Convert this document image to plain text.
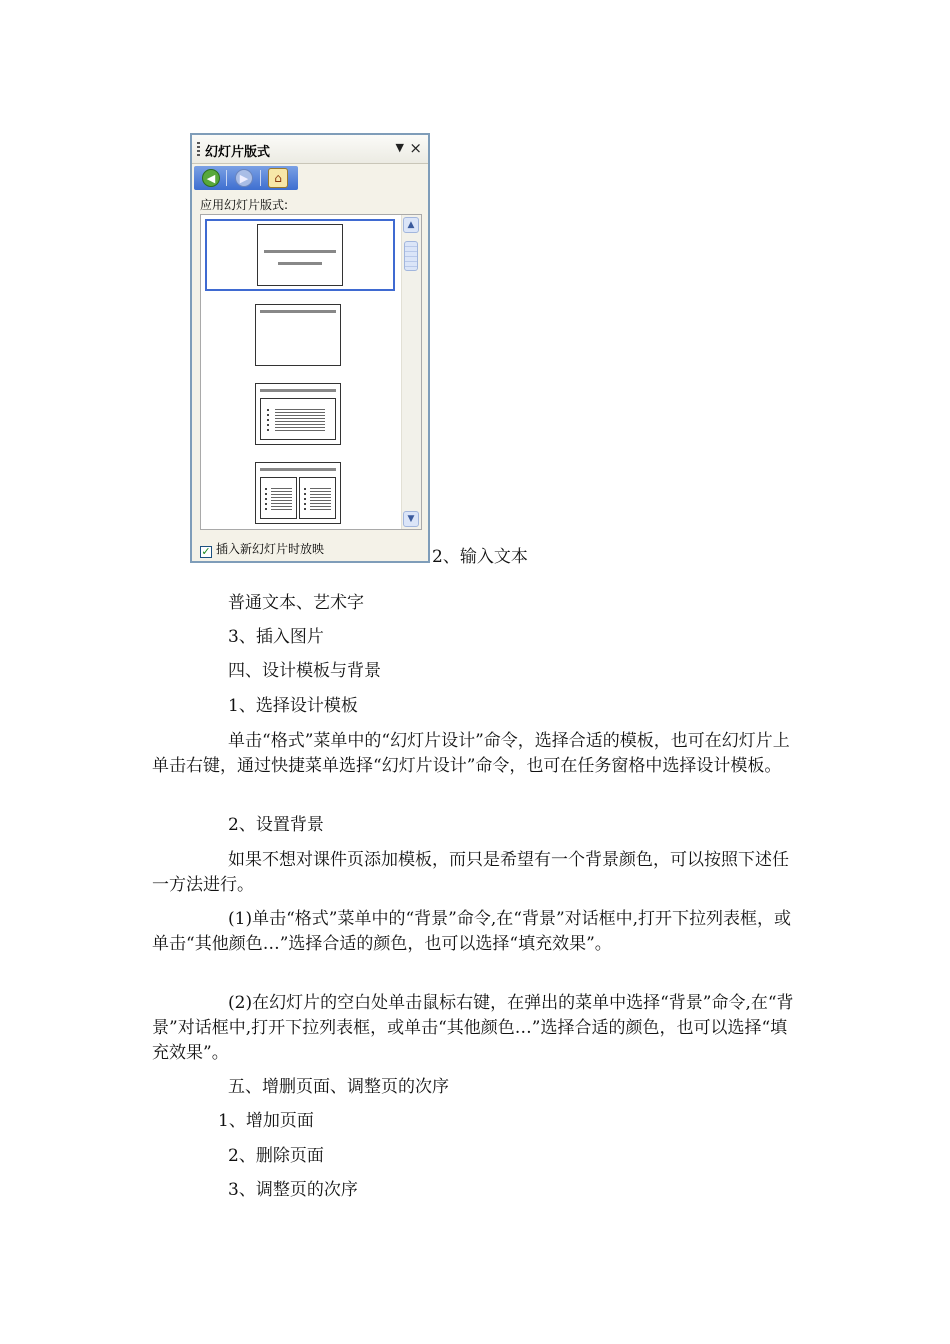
幻灯片版式	▼ ×
◀	▶	⌂
应用幻灯片版式:
▲
▼
✓ 插入新幻灯片时放映	2、输入文本
普通文本、艺术字
3、插入图片
四、设计模板与背景
1、选择设计模板
单击“格式”菜单中的“幻灯片设计”命令，选择合适的模板，也可在幻灯片上单击右键，通过快捷菜单选择“幻灯片设计”命令，也可在任务窗格中选择设计模板。
2、设置背景
如果不想对课件页添加模板，而只是希望有一个背景颜色，可以按照下述任一方法进行。
(1)单击“格式”菜单中的“背景”命令,在“背景”对话框中,打开下拉列表框，或单击“其他颜色…”选择合适的颜色，也可以选择“填充效果”。
(2)在幻灯片的空白处单击鼠标右键，在弹出的菜单中选择“背景”命令,在“背景”对话框中,打开下拉列表框，或单击“其他颜色…”选择合适的颜色，也可以选择“填充效果”。
五、增删页面、调整页的次序
1、增加页面
2、删除页面
3、调整页的次序
